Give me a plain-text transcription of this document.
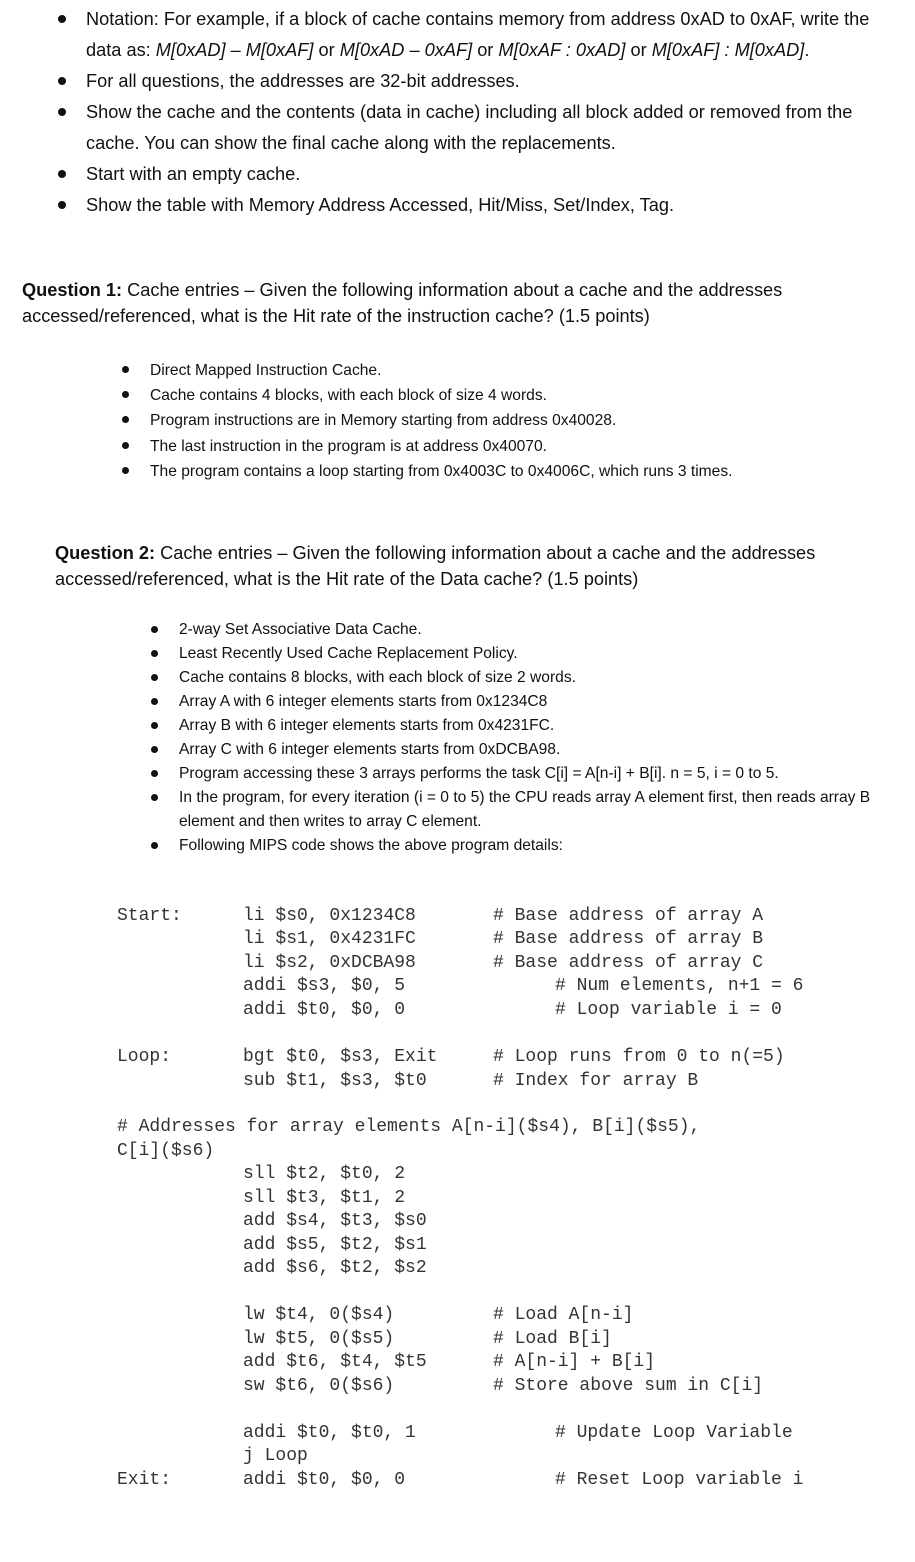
Notation: For example, if a block of cache contains memory from address 0xAD to 0xAF, write the data as: M[0xAD] – M[0xAF] or M[0xAD – 0xAF] or M[0xAF : 0xAD] or M[0xAF] : M[0xAD].
For all questions, the addresses are 32-bit addresses.
Show the cache and the contents (data in cache) including all block added or removed from the cache. You can show the final cache along with the replacements.
Start with an empty cache.
Show the table with Memory Address Accessed, Hit/Miss, Set/Index, Tag.

Question 1: Cache entries – Given the following information about a cache and the addresses accessed/referenced, what is the Hit rate of the instruction cache? (1.5 points)

Direct Mapped Instruction Cache.
Cache contains 4 blocks, with each block of size 4 words.
Program instructions are in Memory starting from address 0x40028.
The last instruction in the program is at address 0x40070.
The program contains a loop starting from 0x4003C to 0x4006C, which runs 3 times.

Question 2: Cache entries – Given the following information about a cache and the addresses accessed/referenced, what is the Hit rate of the Data cache? (1.5 points)

2-way Set Associative Data Cache.
Least Recently Used Cache Replacement Policy.
Cache contains 8 blocks, with each block of size 2 words.
Array A with 6 integer elements starts from 0x1234C8
Array B with 6 integer elements starts from 0x4231FC.
Array C with 6 integer elements starts from 0xDCBA98.
Program accessing these 3 arrays performs the task C[i] = A[n-i] + B[i]. n = 5, i = 0 to 5.
In the program, for every iteration (i = 0 to 5) the CPU reads array A element first, then reads array B element and then writes to array C element.
Following MIPS code shows the above program details:
Start:	li $s0, 0x1234C8	# Base address of array A
li $s1, 0x4231FC	# Base address of array B
li $s2, 0xDCBA98	# Base address of array C
addi $s3, $0, 5	# Num elements, n+1 = 6
addi $t0, $0, 0	# Loop variable i = 0
Loop:	bgt $t0, $s3, Exit	# Loop runs from 0 to n(=5)
sub $t1, $s3, $t0	# Index for array B
# Addresses for array elements A[n-i]($s4), B[i]($s5),
C[i]($s6)
sll $t2, $t0, 2
sll $t3, $t1, 2
add $s4, $t3, $s0
add $s5, $t2, $s1
add $s6, $t2, $s2
lw $t4, 0($s4)	# Load A[n-i]
lw $t5, 0($s5)	# Load B[i]
add $t6, $t4, $t5	# A[n-i] + B[i]
sw $t6, 0($s6)	# Store above sum in C[i]
addi $t0, $t0, 1	# Update Loop Variable
j Loop
Exit:	addi $t0, $0, 0	# Reset Loop variable i
